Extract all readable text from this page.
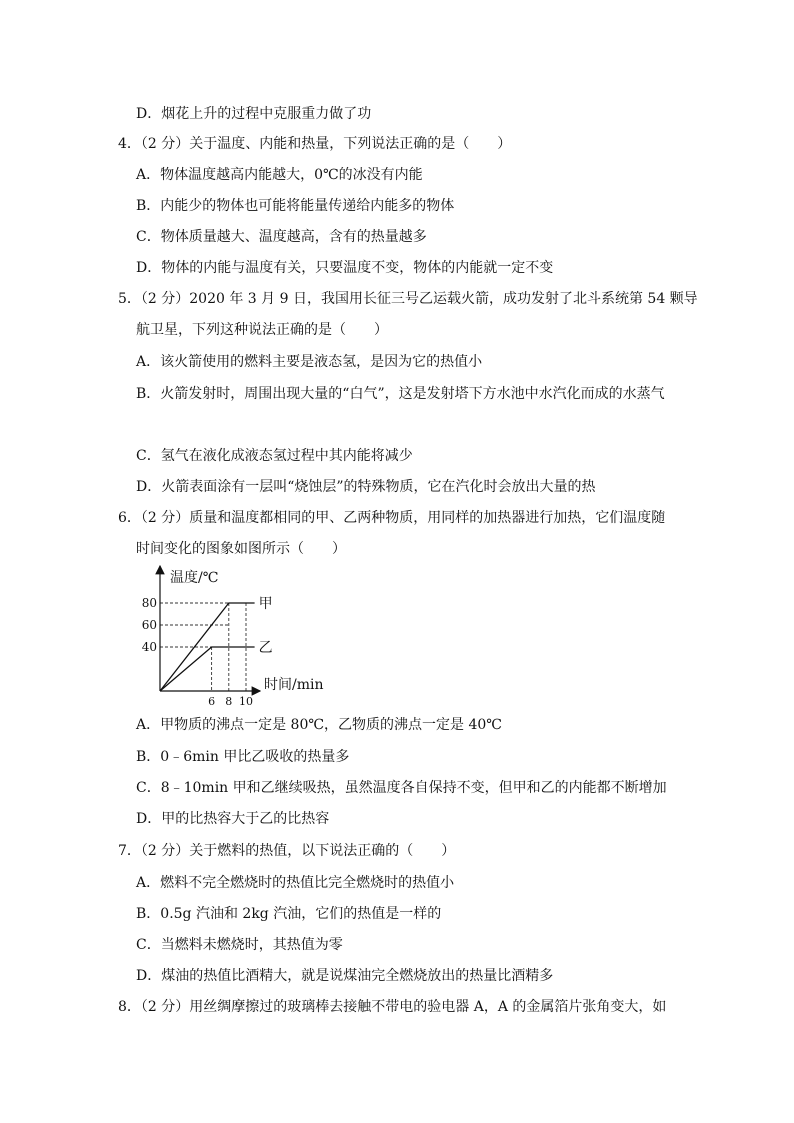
D．烟花上升的过程中克服重力做了功
4．（2 分）关于温度、内能和热量，下列说法正确的是（　　）
A．物体温度越高内能越大，0℃的冰没有内能
B．内能少的物体也可能将能量传递给内能多的物体
C．物体质量越大、温度越高，含有的热量越多
D．物体的内能与温度有关，只要温度不变，物体的内能就一定不变
5．（2 分）2020 年 3 月 9 日，我国用长征三号乙运载火箭，成功发射了北斗系统第 54 颗导
航卫星，下列这种说法正确的是（　　）
A．该火箭使用的燃料主要是液态氢，是因为它的热值小
B．火箭发射时，周围出现大量的“白气”，这是发射塔下方水池中水汽化而成的水蒸气
C．氢气在液化成液态氢过程中其内能将减少
D．火箭表面涂有一层叫“烧蚀层”的特殊物质，它在汽化时会放出大量的热
6．（2 分）质量和温度都相同的甲、乙两种物质，用同样的加热器进行加热，它们温度随
时间变化的图象如图所示（　　）
甲
乙
40
60
80
6 8 10
温度/℃
时间/min
A．甲物质的沸点一定是 80℃，乙物质的沸点一定是 40℃
B．0﹣6min 甲比乙吸收的热量多
C．8﹣10min 甲和乙继续吸热，虽然温度各自保持不变，但甲和乙的内能都不断增加
D．甲的比热容大于乙的比热容
7．（2 分）关于燃料的热值，以下说法正确的（　　）
A．燃料不完全燃烧时的热值比完全燃烧时的热值小
B．0.5g 汽油和 2kg 汽油，它们的热值是一样的
C．当燃料未燃烧时，其热值为零
D．煤油的热值比酒精大，就是说煤油完全燃烧放出的热量比酒精多
8．（2 分）用丝绸摩擦过的玻璃棒去接触不带电的验电器 A，A 的金属箔片张角变大，如
